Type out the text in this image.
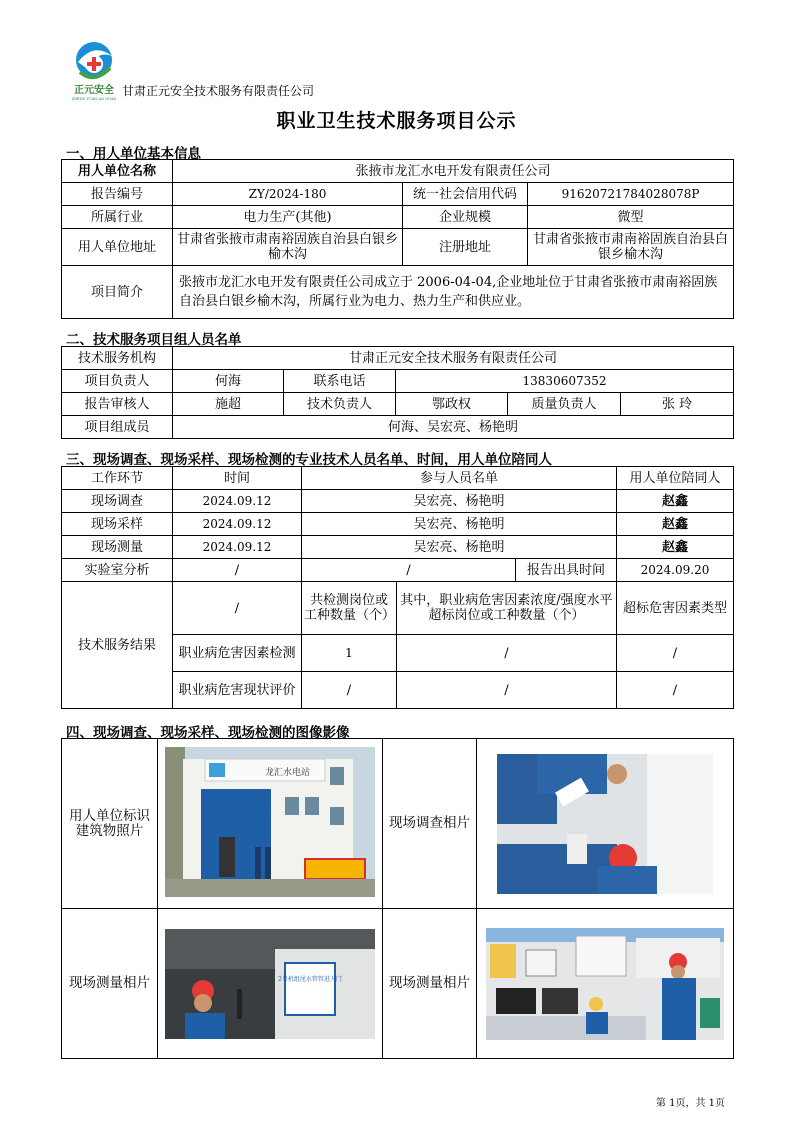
正元安全
ZHENG YUAN AN QUAN
甘肃正元安全技术服务有限责任公司
职业卫生技术服务项目公示
一、用人单位基本信息
用人单位名称	张掖市龙汇水电开发有限责任公司		
报告编号	ZY/2024-180	统一社会信用代码	91620721784028078P
所属行业	电力生产(其他)	企业规模	微型
用人单位地址	甘肃省张掖市肃南裕固族自治县白银乡榆木沟	注册地址	甘肃省张掖市肃南裕固族自治县白银乡榆木沟
项目简介	张掖市龙汇水电开发有限责任公司成立于 2006-04-04,企业地址位于甘肃省张掖市肃南裕固族自治县白银乡榆木沟，所属行业为电力、热力生产和供应业。		
二、技术服务项目组人员名单
技术服务机构	甘肃正元安全技术服务有限责任公司				
项目负责人	何海	联系电话	13830607352		
报告审核人	施超	技术负责人	鄂政权	质量负责人	张 玲
项目组成员	何海、吴宏亮、杨艳明				
三、现场调查、现场采样、现场检测的专业技术人员名单、时间，用人单位陪同人
工作环节	时间	参与人员名单			用人单位陪同人
现场调查	2024.09.12	吴宏亮、杨艳明			赵鑫
现场采样	2024.09.12	吴宏亮、杨艳明			赵鑫
现场测量	2024.09.12	吴宏亮、杨艳明			赵鑫
实验室分析	/	/		报告出具时间	2024.09.20
技术服务结果	/	共检测岗位或工种数量（个）	其中，职业病危害因素浓度/强度水平超标岗位或工种数量（个）		超标危害因素类型
	职业病危害因素检测	1	/		/
	职业病危害现状评价	/	/		/
四、现场调查、现场采样、现场检测的图像影像
用人单位标识建筑物照片	龙汇水电站	现场调查相片	

现场测量相片	2号机组尾水管管进人门	现场测量相片	
第 1页，共 1页
